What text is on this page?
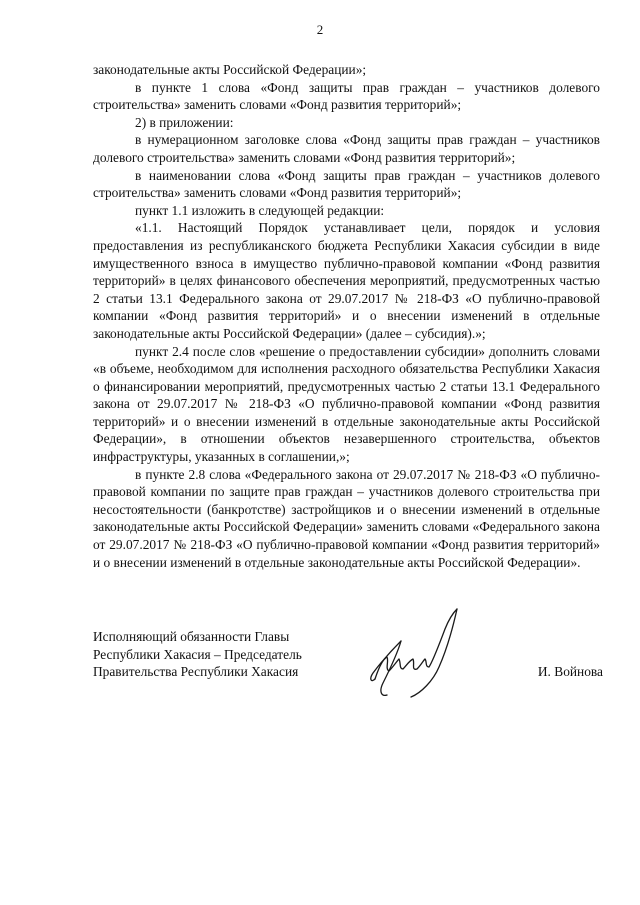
2

законодательные акты Российской Федерации»;

в пункте 1 слова «Фонд защиты прав граждан – участников долевого строительства» заменить словами «Фонд развития территорий»;

2) в приложении:

в нумерационном заголовке слова «Фонд защиты прав граждан – участников долевого строительства» заменить словами «Фонд развития территорий»;

в наименовании слова «Фонд защиты прав граждан – участников долевого строительства» заменить словами «Фонд развития территорий»;

пункт 1.1 изложить в следующей редакции:

«1.1. Настоящий Порядок устанавливает цели, порядок и условия предоставления из республиканского бюджета Республики Хакасия субсидии в виде имущественного взноса в имущество публично-правовой компании «Фонд развития территорий» в целях финансового обеспечения мероприятий, предусмотренных частью 2 статьи 13.1 Федерального закона от 29.07.2017 № 218-ФЗ «О публично-правовой компании «Фонд развития территорий» и о внесении изменений в отдельные законодательные акты Российской Федерации» (далее – субсидия).»;

пункт 2.4 после слов «решение о предоставлении субсидии» дополнить словами «в объеме, необходимом для исполнения расходного обязательства Республики Хакасия о финансировании мероприятий, предусмотренных частью 2 статьи 13.1 Федерального закона от 29.07.2017 № 218-ФЗ «О публично-правовой компании «Фонд развития территорий» и о внесении изменений в отдельные законодательные акты Российской Федерации», в отношении объектов незавершенного строительства, объектов инфраструктуры, указанных в соглашении,»;

в пункте 2.8 слова «Федерального закона от 29.07.2017 № 218-ФЗ «О публично-правовой компании по защите прав граждан – участников долевого строительства при несостоятельности (банкротстве) застройщиков и о внесении изменений в отдельные законодательные акты Российской Федерации» заменить словами «Федерального закона от 29.07.2017 № 218-ФЗ «О публично-правовой компании «Фонд развития территорий» и о внесении изменений в отдельные законодательные акты Российской Федерации».

Исполняющий обязанности Главы
Республики Хакасия – Председатель
Правительства Республики Хакасия	И. Войнова
